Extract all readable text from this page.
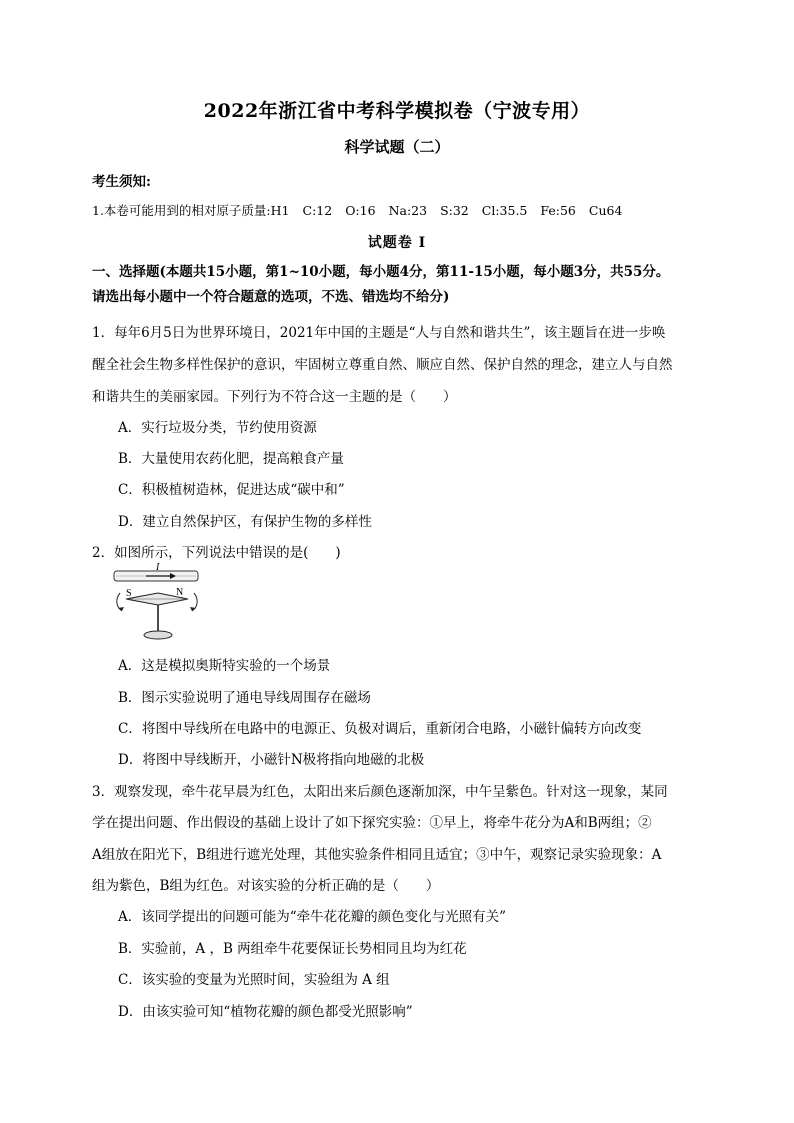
2022年浙江省中考科学模拟卷（宁波专用）
科学试题（二）
考生须知:
1.本卷可能用到的相对原子质量:H1 C:12 O:16 Na:23 S:32 Cl:35.5 Fe:56 Cu64
试题卷 I
一、选择题(本题共15小题，第1~10小题，每小题4分，第11-15小题，每小题3分，共55分。
请选出每小题中一个符合题意的选项，不选、错选均不给分)
1．每年6月5日为世界环境日，2021年中国的主题是“人与自然和谐共生”，该主题旨在进一步唤
醒全社会生物多样性保护的意识，牢固树立尊重自然、顺应自然、保护自然的理念，建立人与自然
和谐共生的美丽家园。下列行为不符合这一主题的是（　　）
A．实行垃圾分类，节约使用资源
B．大量使用农药化肥，提高粮食产量
C．积极植树造林，促进达成“碳中和”
D．建立自然保护区，有保护生物的多样性
2．如图所示，下列说法中错误的是(　　)
I
S	N
A．这是模拟奥斯特实验的一个场景
B．图示实验说明了通电导线周围存在磁场
C．将图中导线所在电路中的电源正、负极对调后，重新闭合电路，小磁针偏转方向改变
D．将图中导线断开，小磁针N极将指向地磁的北极
3．观察发现，牵牛花早晨为红色，太阳出来后颜色逐渐加深，中午呈紫色。针对这一现象，某同
学在提出问题、作出假设的基础上设计了如下探究实验：①早上，将牵牛花分为A和B两组；②
A组放在阳光下，B组进行遮光处理，其他实验条件相同且适宜；③中午，观察记录实验现象：A
组为紫色，B组为红色。对该实验的分析正确的是（　　）
A．该同学提出的问题可能为“牵牛花花瓣的颜色变化与光照有关”
B．实验前，A ，B 两组牵牛花要保证长势相同且均为红花
C．该实验的变量为光照时间，实验组为 A 组
D．由该实验可知“植物花瓣的颜色都受光照影响”
